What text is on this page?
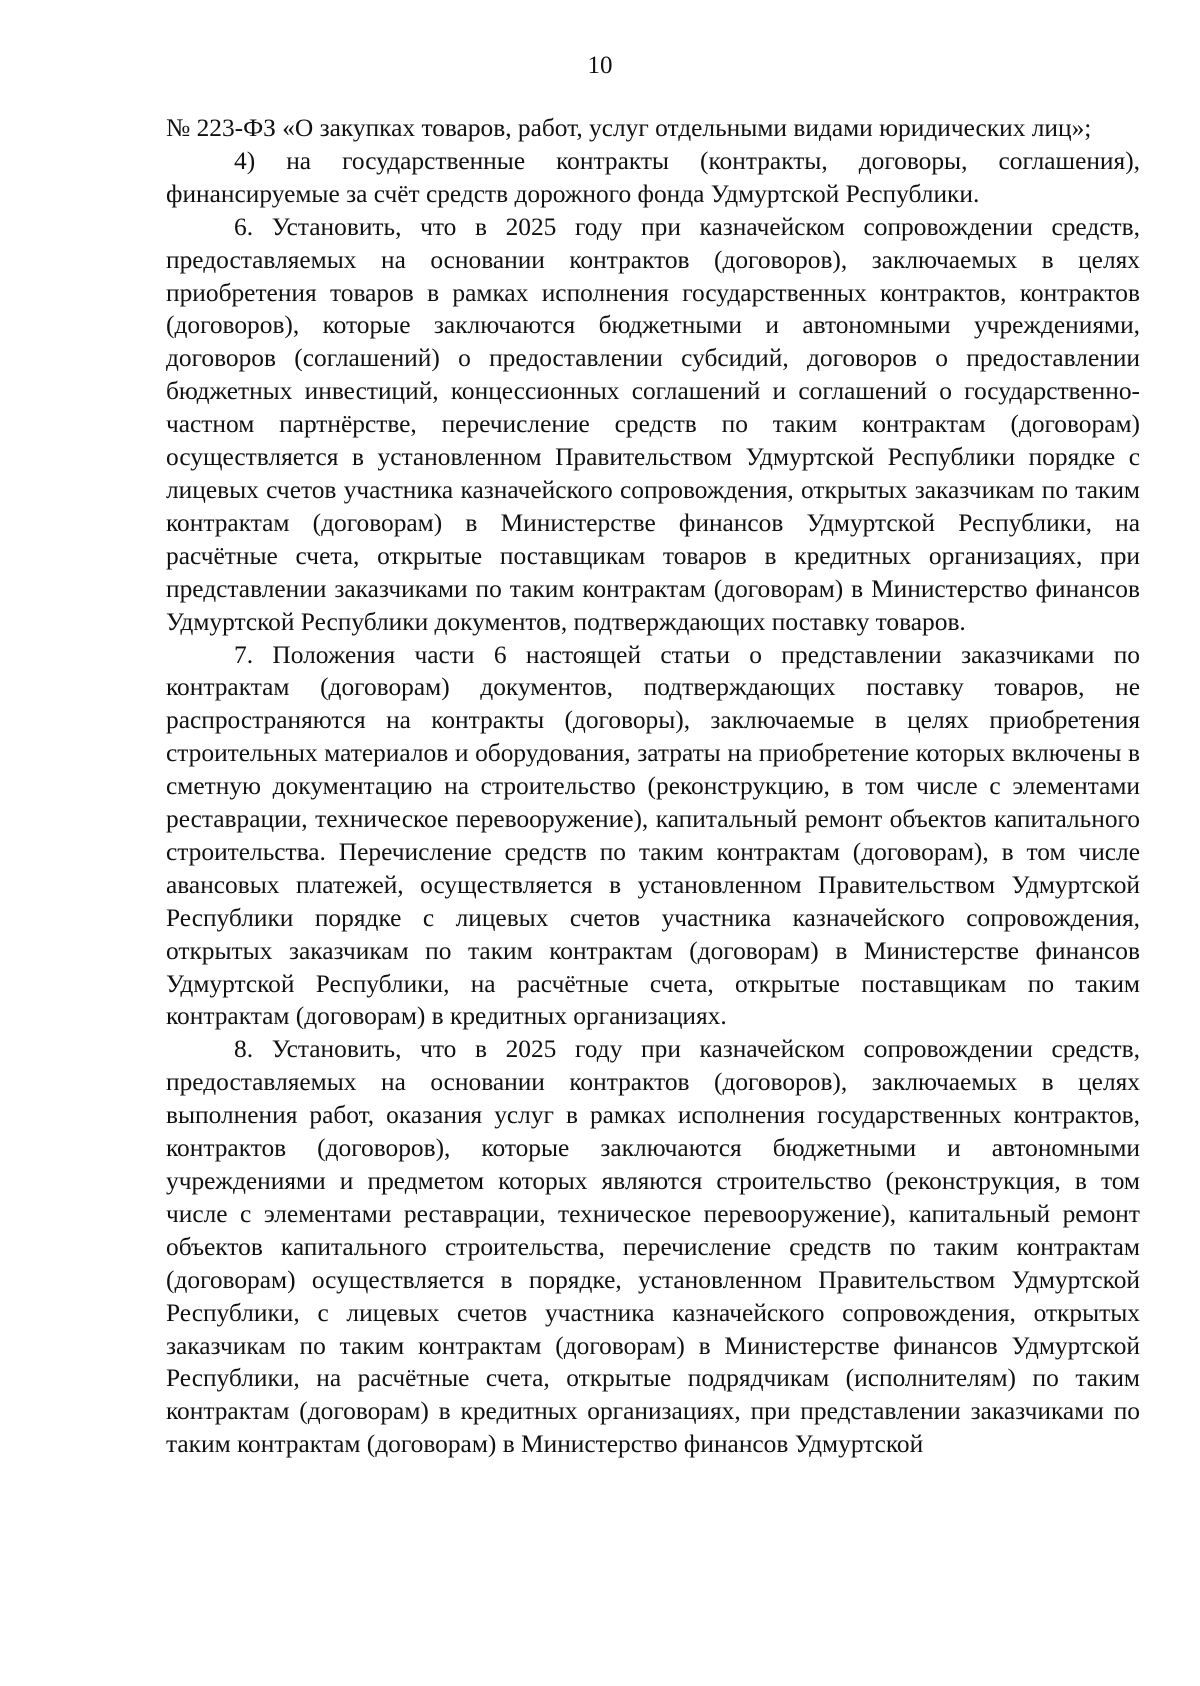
10

№ 223-ФЗ «О закупках товаров, работ, услуг отдельными видами юридических лиц»;

4) на государственные контракты (контракты, договоры, соглашения), финансируемые за счёт средств дорожного фонда Удмуртской Республики.

6. Установить, что в 2025 году при казначейском сопровождении средств, предоставляемых на основании контрактов (договоров), заключаемых в целях приобретения товаров в рамках исполнения государственных контрактов, контрактов (договоров), которые заключаются бюджетными и автономными учреждениями, договоров (соглашений) о предоставлении субсидий, договоров о предоставлении бюджетных инвестиций, концессионных соглашений и соглашений о государственно-частном партнёрстве, перечисление средств по таким контрактам (договорам) осуществляется в установленном Правительством Удмуртской Республики порядке с лицевых счетов участника казначейского сопровождения, открытых заказчикам по таким контрактам (договорам) в Министерстве финансов Удмуртской Республики, на расчётные счета, открытые поставщикам товаров в кредитных организациях, при представлении заказчиками по таким контрактам (договорам) в Министерство финансов Удмуртской Республики документов, подтверждающих поставку товаров.

7. Положения части 6 настоящей статьи о представлении заказчиками по контрактам (договорам) документов, подтверждающих поставку товаров, не распространяются на контракты (договоры), заключаемые в целях приобретения строительных материалов и оборудования, затраты на приобретение которых включены в сметную документацию на строительство (реконструкцию, в том числе с элементами реставрации, техническое перевооружение), капитальный ремонт объектов капитального строительства. Перечисление средств по таким контрактам (договорам), в том числе авансовых платежей, осуществляется в установленном Правительством Удмуртской Республики порядке с лицевых счетов участника казначейского сопровождения, открытых заказчикам по таким контрактам (договорам) в Министерстве финансов Удмуртской Республики, на расчётные счета, открытые поставщикам по таким контрактам (договорам) в кредитных организациях.

8. Установить, что в 2025 году при казначейском сопровождении средств, предоставляемых на основании контрактов (договоров), заключаемых в целях выполнения работ, оказания услуг в рамках исполнения государственных контрактов, контрактов (договоров), которые заключаются бюджетными и автономными учреждениями и предметом которых являются строительство (реконструкция, в том числе с элементами реставрации, техническое перевооружение), капитальный ремонт объектов капитального строительства, перечисление средств по таким контрактам (договорам) осуществляется в порядке, установленном Правительством Удмуртской Республики, с лицевых счетов участника казначейского сопровождения, открытых заказчикам по таким контрактам (договорам) в Министерстве финансов Удмуртской Республики, на расчётные счета, открытые подрядчикам (исполнителям) по таким контрактам (договорам) в кредитных организациях, при представлении заказчиками по таким контрактам (договорам) в Министерство финансов Удмуртской
